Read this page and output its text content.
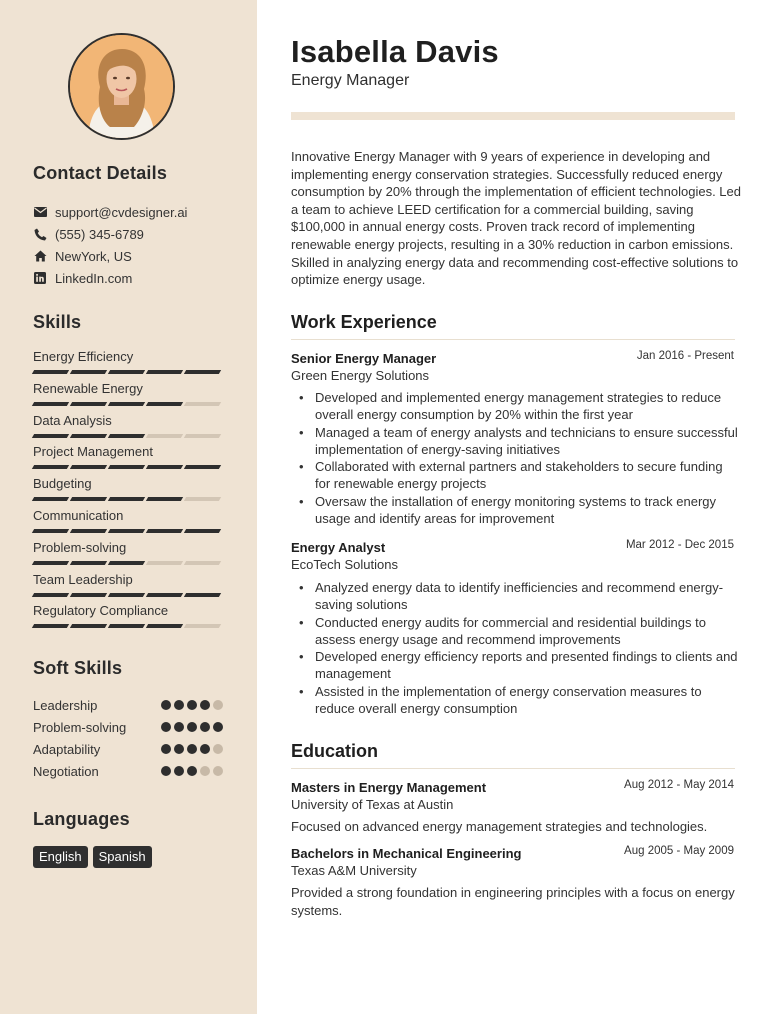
Contact Details
support@cvdesigner.ai
(555) 345-6789
NewYork, US
LinkedIn.com
Skills
Energy Efficiency
Renewable Energy
Data Analysis
Project Management
Budgeting
Communication
Problem-solving
Team Leadership
Regulatory Compliance
Soft Skills
Leadership
Problem-solving
Adaptability
Negotiation
Languages
English	Spanish
Isabella Davis
Energy Manager
Innovative Energy Manager with 9 years of experience in developing and implementing energy conservation strategies. Successfully reduced energy consumption by 20% through the implementation of efficient technologies. Led a team to achieve LEED certification for a commercial building, saving $100,000 in annual energy costs. Proven track record of implementing renewable energy projects, resulting in a 30% reduction in carbon emissions. Skilled in analyzing energy data and recommending cost-effective solutions to optimize energy usage.
Work Experience
Senior Energy Manager	Jan 2016 - Present
Green Energy Solutions
• Developed and implemented energy management strategies to reduce overall energy consumption by 20% within the first year
• Managed a team of energy analysts and technicians to ensure successful implementation of energy-saving initiatives
• Collaborated with external partners and stakeholders to secure funding for renewable energy projects
• Oversaw the installation of energy monitoring systems to track energy usage and identify areas for improvement
Energy Analyst	Mar 2012 - Dec 2015
EcoTech Solutions
• Analyzed energy data to identify inefficiencies and recommend energy-saving solutions
• Conducted energy audits for commercial and residential buildings to assess energy usage and recommend improvements
• Developed energy efficiency reports and presented findings to clients and management
• Assisted in the implementation of energy conservation measures to reduce overall energy consumption
Education
Masters in Energy Management	Aug 2012 - May 2014
University of Texas at Austin
Focused on advanced energy management strategies and technologies.
Bachelors in Mechanical Engineering	Aug 2005 - May 2009
Texas A&M University
Provided a strong foundation in engineering principles with a focus on energy systems.
